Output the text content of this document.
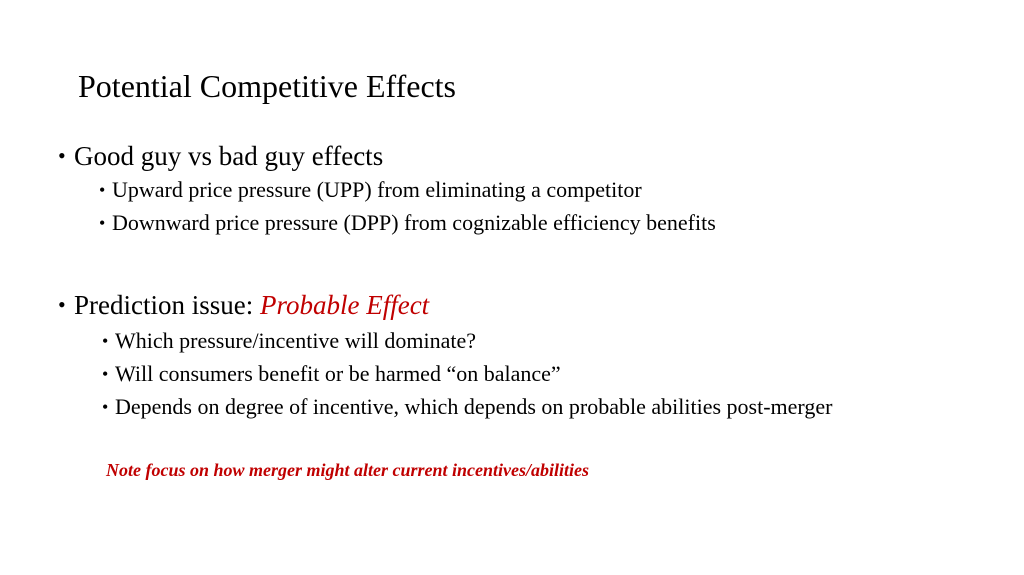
Potential Competitive Effects
• Good guy vs bad guy effects
• Upward price pressure (UPP) from eliminating a competitor
• Downward price pressure (DPP) from cognizable efficiency benefits
• Prediction issue: Probable Effect
• Which pressure/incentive will dominate?
• Will consumers benefit or be harmed “on balance”
• Depends on degree of incentive, which depends on probable abilities post-merger
Note focus on how merger might alter current incentives/abilities
